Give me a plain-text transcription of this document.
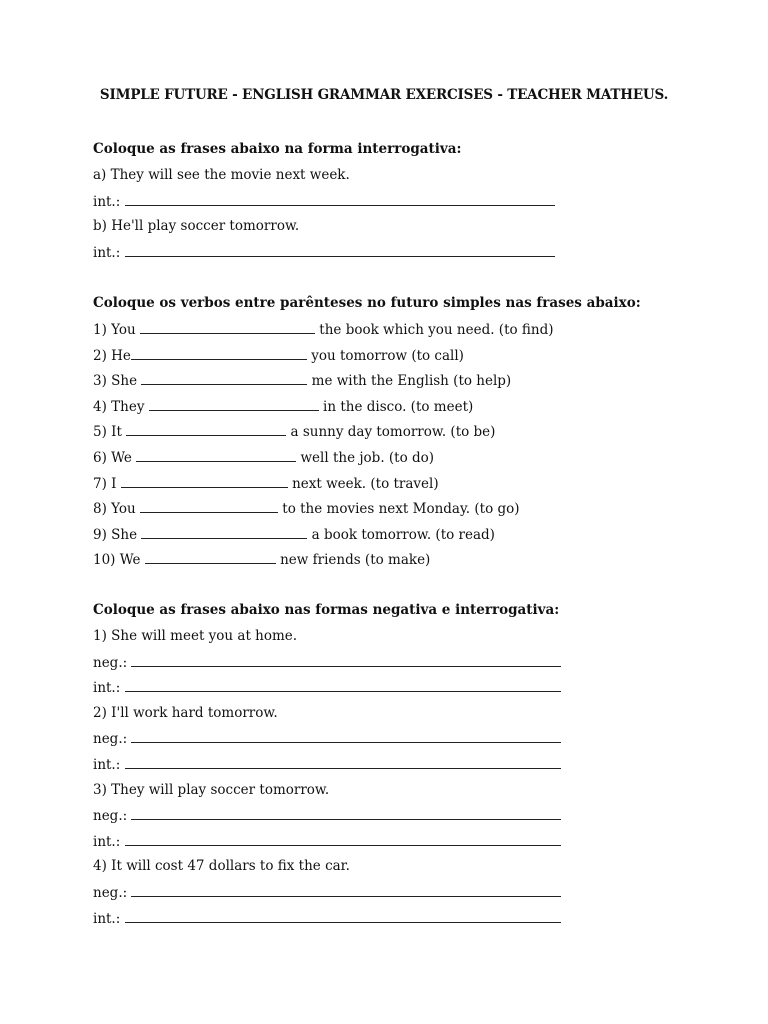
SIMPLE FUTURE - ENGLISH GRAMMAR EXERCISES - TEACHER MATHEUS.
Coloque as frases abaixo na forma interrogativa:
a) They will see the movie next week.
int.:
b) He'll play soccer tomorrow.
int.:
Coloque os verbos entre parênteses no futuro simples nas frases abaixo:
1) You	the book which you need. (to find)
2) He	you tomorrow (to call)
3) She	me with the English (to help)
4) They	in the disco. (to meet)
5) It	a sunny day tomorrow. (to be)
6) We	well the job. (to do)
7) I	next week. (to travel)
8) You	to the movies next Monday. (to go)
9) She	a book tomorrow. (to read)
10) We	new friends (to make)
Coloque as frases abaixo nas formas negativa e interrogativa:
1) She will meet you at home.
neg.:
int.:
2) I'll work hard tomorrow.
neg.:
int.:
3) They will play soccer tomorrow.
neg.:
int.:
4) It will cost 47 dollars to fix the car.
neg.:
int.:
